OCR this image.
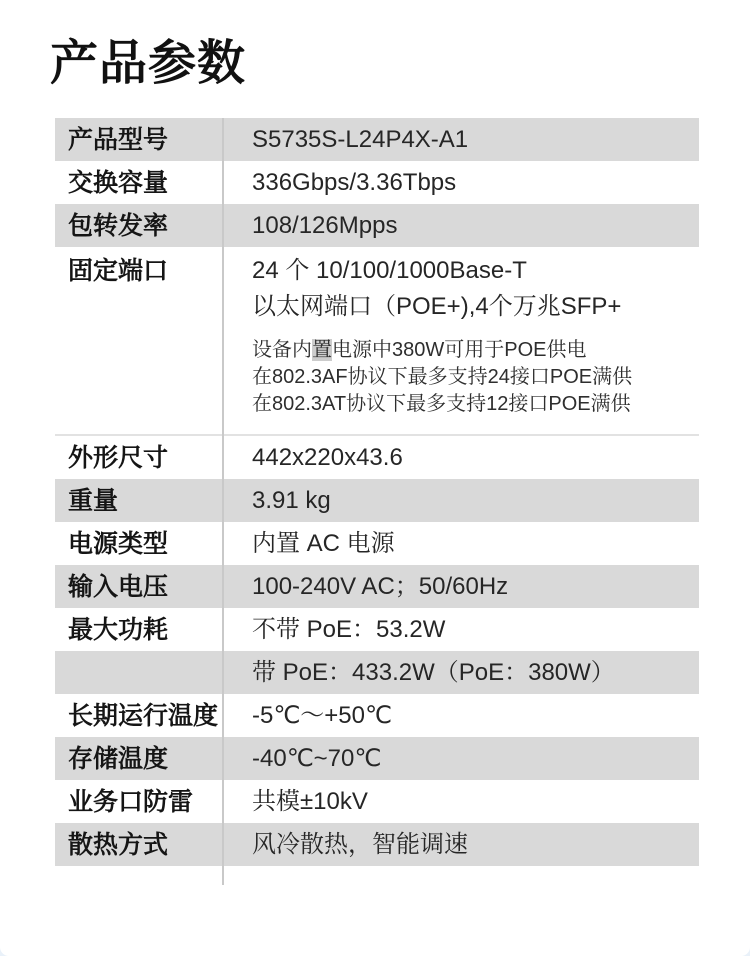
产品参数
产品型号	S5735S-L24P4X-A1
交换容量	336Gbps/3.36Tbps
包转发率	108/126Mpps
固定端口	24 个 10/100/1000Base-T
以太网端口（POE+),4个万兆SFP+
设备内置电源中380W可用于POE供电
在802.3AF协议下最多支持24接口POE满供
在802.3AT协议下最多支持12接口POE满供
外形尺寸	442x220x43.6
重量	3.91 kg
电源类型	内置 AC 电源
输入电压	100-240V AC；50/60Hz
最大功耗	不带 PoE：53.2W
带 PoE：433.2W（PoE：380W）
长期运行温度 -5℃～+50℃
存储温度	-40℃~70℃
业务口防雷	共模±10kV
散热方式	风冷散热，智能调速
